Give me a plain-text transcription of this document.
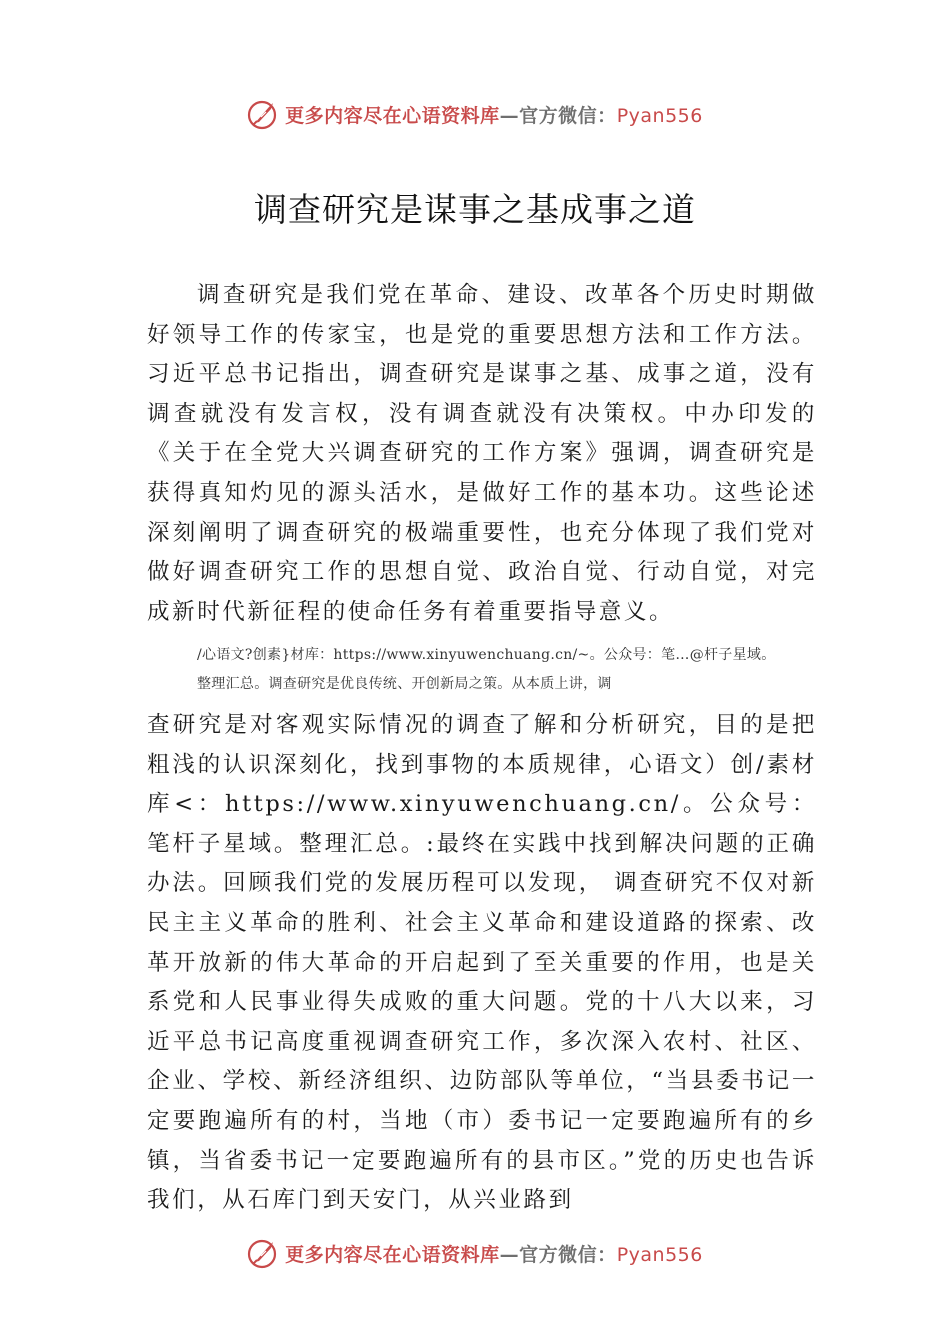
更多内容尽在心语资料库—官方微信：Pyan556
调查研究是谋事之基成事之道
调查研究是我们党在革命、建设、改革各个历史时期做好领导工作的传家宝，也是党的重要思想方法和工作方法。 习近平总书记指出，调查研究是谋事之基、成事之道，没有调查就没有发言权，没有调查就没有决策权。中办印发的《关于在全党大兴调查研究的工作方案》强调，调查研究是获得真知灼见的源头活水，是做好工作的基本功。这些论述深刻阐明了调查研究的极端重要性，也充分体现了我们党对做好调查研究工作的思想自觉、政治自觉、行动自觉，对完成新时代新征程的使命任务有着重要指导意义。
/心语文?创素}材库：https://www.xinyuwenchuang.cn/~。公众号：笔…@杆子星域。
整理汇总。调查研究是优良传统、开创新局之策。从本质上讲，调
查研究是对客观实际情况的调查了解和分析研究，目的是把粗浅的认识深刻化，找到事物的本质规律，心语文）创/素材库<：https://www.xinyuwenchuang.cn/。公众号：笔杆子星域。整理汇总。:最终在实践中找到解决问题的正确办法。回顾我们党的发展历程可以发现， 调查研究不仅对新民主主义革命的胜利、社会主义革命和建设道路的探索、改革开放新的伟大革命的开启起到了至关重要的作用，也是关系党和人民事业得失成败的重大问题。党的十八大以来，习近平总书记高度重视调查研究工作，多次深入农村、社区、企业、学校、新经济组织、边防部队等单位，“当县委书记一定要跑遍所有的村，当地（市）委书记一定要跑遍所有的乡镇，当省委书记一定要跑遍所有的县市区。”党的历史也告诉我们，从石库门到天安门，从兴业路到
更多内容尽在心语资料库—官方微信：Pyan556
